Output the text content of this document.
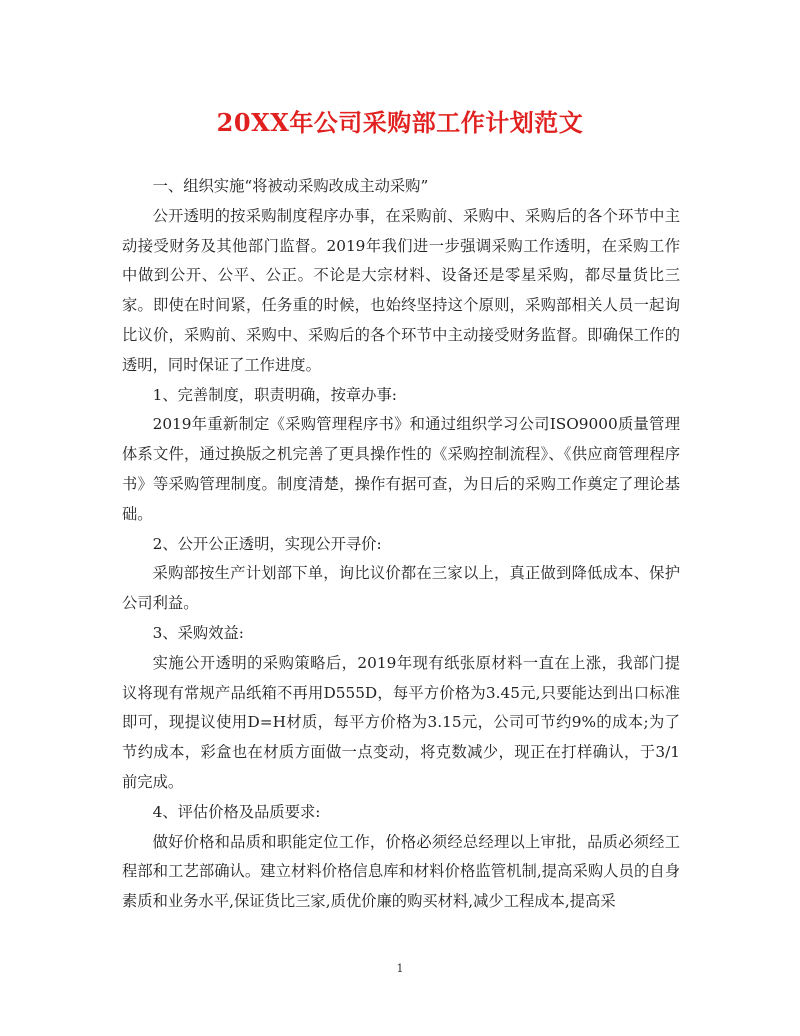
20XX年公司采购部工作计划范文

一、组织实施“将被动采购改成主动采购”

公开透明的按采购制度程序办事，在采购前、采购中、采购后的各个环节中主动接受财务及其他部门监督。2019年我们进一步强调采购工作透明，在采购工作中做到公开、公平、公正。不论是大宗材料、设备还是零星采购，都尽量货比三家。即使在时间紧，任务重的时候，也始终坚持这个原则，采购部相关人员一起询比议价，采购前、采购中、采购后的各个环节中主动接受财务监督。即确保工作的透明，同时保证了工作进度。

1、完善制度，职责明确，按章办事:

2019年重新制定《采购管理程序书》和通过组织学习公司ISO9000质量管理体系文件，通过换版之机完善了更具操作性的《采购控制流程》、《供应商管理程序书》等采购管理制度。制度清楚，操作有据可查，为日后的采购工作奠定了理论基础。

2、公开公正透明，实现公开寻价:

采购部按生产计划部下单，询比议价都在三家以上，真正做到降低成本、保护公司利益。

3、采购效益:

实施公开透明的采购策略后，2019年现有纸张原材料一直在上涨，我部门提议将现有常规产品纸箱不再用D555D，每平方价格为3.45元,只要能达到出口标准即可，现提议使用D=H材质，每平方价格为3.15元，公司可节约9%的成本;为了节约成本，彩盒也在材质方面做一点变动，将克数减少，现正在打样确认，于3/1前完成。

4、评估价格及品质要求:

做好价格和品质和职能定位工作，价格必须经总经理以上审批，品质必须经工程部和工艺部确认。建立材料价格信息库和材料价格监管机制,提高采购人员的自身素质和业务水平,保证货比三家,质优价廉的购买材料,减少工程成本,提高采

1
